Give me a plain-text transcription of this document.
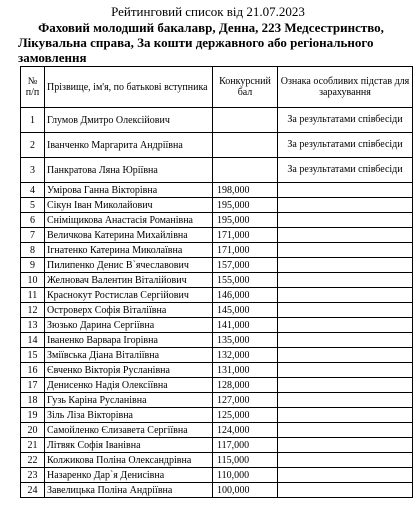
Рейтинговий список від 21.07.2023
Фаховий молодший бакалавр, Денна, 223 Медсестринство,
Лікувальна справа, За кошти державного або регіонального
замовлення
№ п/п	Прізвище, ім'я, по батькові вступника	Конкурсний бал	Ознака особливих підстав для зарахування
1	Глумов Дмитро Олексійович		За результатами співбесіди
2	Іванченко Маргарита Андріївна		За результатами співбесіди
3	Панкратова Ляна Юріївна		За результатами співбесіди
4	Умірова Ганна Вікторівна	198,000	
5	Сікун Іван Миколайович	195,000	
6	Сніміщикова Анастасія Романівна	195,000	
7	Величкова Катерина Михайлівна	171,000	
8	Ігнатенко Катерина Миколаївна	171,000	
9	Пилипенко Денис В`ячеславович	157,000	
10	Желновач Валентин Віталійович	155,000	
11	Краснокут Ростислав Сергійович	146,000	
12	Островерх Софія Віталіївна	145,000	
13	Зюзько Дарина Сергіївна	141,000	
14	Іваненко Варвара Ігорівна	135,000	
15	Зміївська Діана Віталіївна	132,000	
16	Євченко Вікторія Русланівна	131,000	
17	Денисенко Надія Олексіївна	128,000	
18	Гузь Каріна Русланівна	127,000	
19	Зіль Ліза Вікторівна	125,000	
20	Самойленко Єлизавета Сергіївна	124,000	
21	Літвяк Софія Іванівна	117,000	
22	Колжикова Поліна Олександрівна	115,000	
23	Назаренко Дар`я Денисівна	110,000	
24	Завелицька Поліна Андріївна	100,000	
